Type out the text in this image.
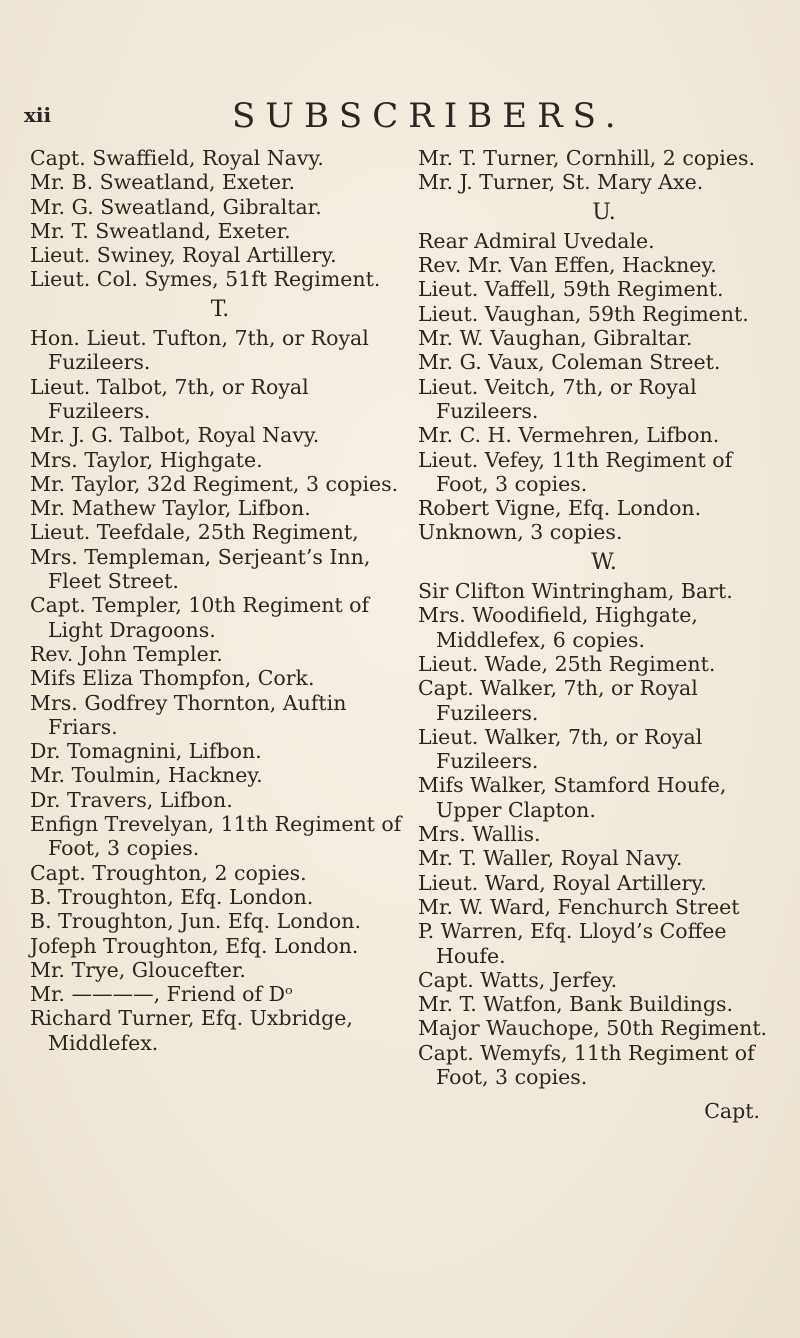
xii	SUBSCRIBERS.
Capt. Swaffield, Royal Navy.
Mr. B. Sweatland, Exeter.
Mr. G. Sweatland, Gibraltar.
Mr. T. Sweatland, Exeter.
Lieut. Swiney, Royal Artillery.
Lieut. Col. Symes, 51ft Regiment.
T.
Hon. Lieut. Tufton, 7th, or Royal Fuzileers.
Lieut. Talbot, 7th, or Royal Fuzileers.
Mr. J. G. Talbot, Royal Navy.
Mrs. Taylor, Highgate.
Mr. Taylor, 32d Regiment, 3 copies.
Mr. Mathew Taylor, Lifbon.
Lieut. Teefdale, 25th Regiment,
Mrs. Templeman, Serjeant’s Inn, Fleet Street.
Capt. Templer, 10th Regiment of Light Dragoons.
Rev. John Templer.
Mifs Eliza Thompfon, Cork.
Mrs. Godfrey Thornton, Auftin Friars.
Dr. Tomagnini, Lifbon.
Mr. Toulmin, Hackney.
Dr. Travers, Lifbon.
Enfign Trevelyan, 11th Regiment of Foot, 3 copies.
Capt. Troughton, 2 copies.
B. Troughton, Efq. London.
B. Troughton, Jun. Efq. London.
Jofeph Troughton, Efq. London.
Mr. Trye, Gloucefter.
Mr. ————, Friend of Dᵒ
Richard Turner, Efq. Uxbridge, Middlefex.
Mr. T. Turner, Cornhill, 2 copies.
Mr. J. Turner, St. Mary Axe.
U.
Rear Admiral Uvedale.
Rev. Mr. Van Effen, Hackney.
Lieut. Vaffell, 59th Regiment.
Lieut. Vaughan, 59th Regiment.
Mr. W. Vaughan, Gibraltar.
Mr. G. Vaux, Coleman Street.
Lieut. Veitch, 7th, or Royal Fuzileers.
Mr. C. H. Vermehren, Lifbon.
Lieut. Vefey, 11th Regiment of Foot, 3 copies.
Robert Vigne, Efq. London.
Unknown, 3 copies.
W.
Sir Clifton Wintringham, Bart.
Mrs. Woodifield, Highgate, Middlefex, 6 copies.
Lieut. Wade, 25th Regiment.
Capt. Walker, 7th, or Royal Fuzileers.
Lieut. Walker, 7th, or Royal Fuzileers.
Mifs Walker, Stamford Houfe, Upper Clapton.
Mrs. Wallis.
Mr. T. Waller, Royal Navy.
Lieut. Ward, Royal Artillery.
Mr. W. Ward, Fenchurch Street
P. Warren, Efq. Lloyd’s Coffee Houfe.
Capt. Watts, Jerfey.
Mr. T. Watfon, Bank Buildings.
Major Wauchope, 50th Regiment.
Capt. Wemyfs, 11th Regiment of Foot, 3 copies.
Capt.
